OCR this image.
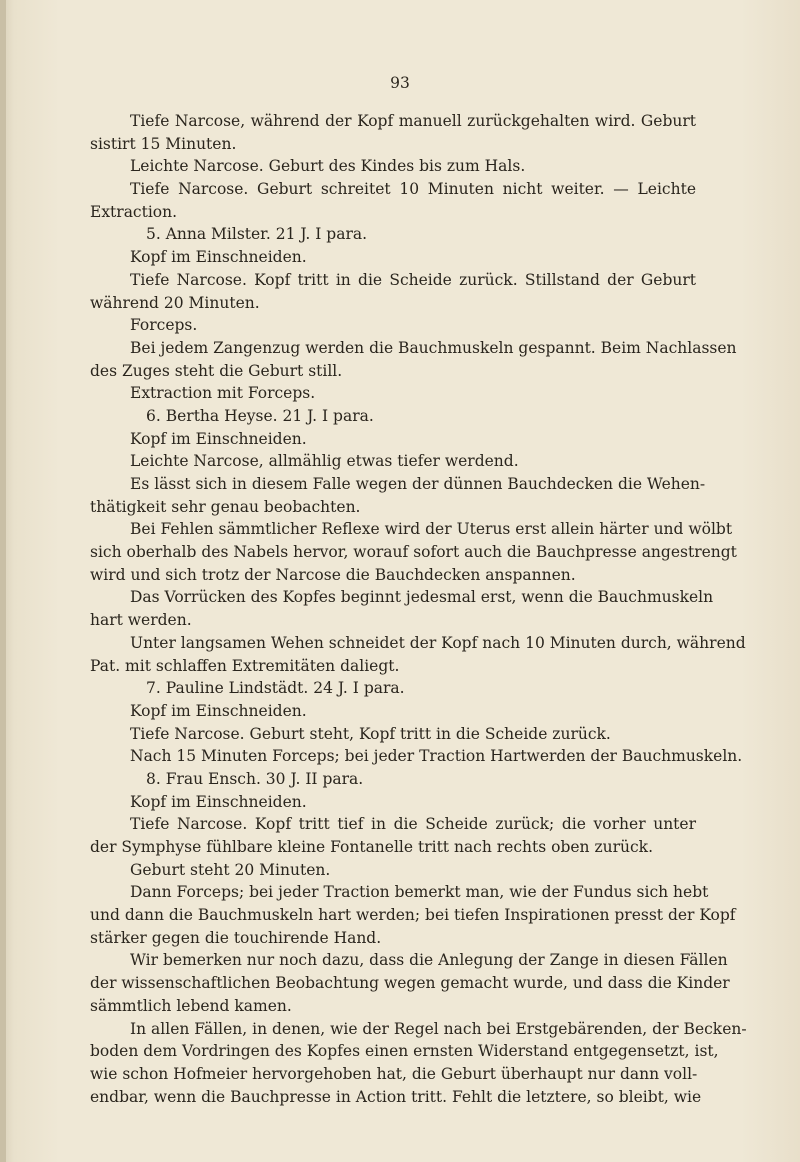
93
Tiefe Narcose, während der Kopf manuell zurückgehalten wird. Geburt
sistirt 15 Minuten.
Leichte Narcose. Geburt des Kindes bis zum Hals.
Tiefe Narcose. Geburt schreitet 10 Minuten nicht weiter. — Leichte
Extraction.
5. Anna Milster. 21 J. I para.
Kopf im Einschneiden.
Tiefe Narcose. Kopf tritt in die Scheide zurück. Stillstand der Geburt
während 20 Minuten.
Forceps.
Bei jedem Zangenzug werden die Bauchmuskeln gespannt. Beim Nachlassen
des Zuges steht die Geburt still.
Extraction mit Forceps.
6. Bertha Heyse. 21 J. I para.
Kopf im Einschneiden.
Leichte Narcose, allmählig etwas tiefer werdend.
Es lässt sich in diesem Falle wegen der dünnen Bauchdecken die Wehen-
thätigkeit sehr genau beobachten.
Bei Fehlen sämmtlicher Reflexe wird der Uterus erst allein härter und wölbt
sich oberhalb des Nabels hervor, worauf sofort auch die Bauchpresse angestrengt
wird und sich trotz der Narcose die Bauchdecken anspannen.
Das Vorrücken des Kopfes beginnt jedesmal erst, wenn die Bauchmuskeln
hart werden.
Unter langsamen Wehen schneidet der Kopf nach 10 Minuten durch, während
Pat. mit schlaffen Extremitäten daliegt.
7. Pauline Lindstädt. 24 J. I para.
Kopf im Einschneiden.
Tiefe Narcose. Geburt steht, Kopf tritt in die Scheide zurück.
Nach 15 Minuten Forceps; bei jeder Traction Hartwerden der Bauchmuskeln.
8. Frau Ensch. 30 J. II para.
Kopf im Einschneiden.
Tiefe Narcose. Kopf tritt tief in die Scheide zurück; die vorher unter
der Symphyse fühlbare kleine Fontanelle tritt nach rechts oben zurück.
Geburt steht 20 Minuten.
Dann Forceps; bei jeder Traction bemerkt man, wie der Fundus sich hebt
und dann die Bauchmuskeln hart werden; bei tiefen Inspirationen presst der Kopf
stärker gegen die touchirende Hand.
Wir bemerken nur noch dazu, dass die Anlegung der Zange in diesen Fällen
der wissenschaftlichen Beobachtung wegen gemacht wurde, und dass die Kinder
sämmtlich lebend kamen.
In allen Fällen, in denen, wie der Regel nach bei Erstgebärenden, der Becken-
boden dem Vordringen des Kopfes einen ernsten Widerstand entgegensetzt, ist,
wie schon Hofmeier hervorgehoben hat, die Geburt überhaupt nur dann voll-
endbar, wenn die Bauchpresse in Action tritt. Fehlt die letztere, so bleibt, wie
